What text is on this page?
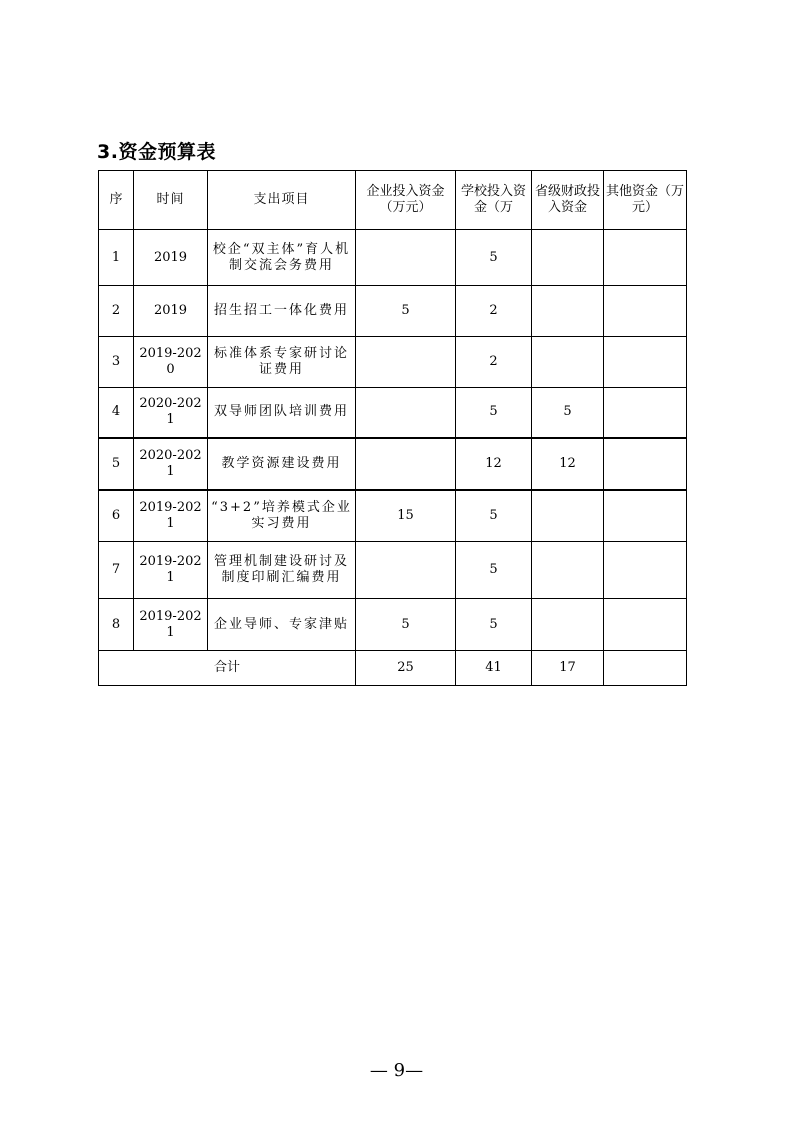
3.资金预算表
序	时间	支出项目	企业投入资金（万元）	学校投入资金（万	省级财政投入资金	其他资金（万元）
1	2019	校企“双主体”育人机制交流会务费用		5		
2	2019	招生招工一体化费用	5	2		
3	2019-2020	标准体系专家研讨论证费用		2		
4	2020-2021	双导师团队培训费用		5	5	
5	2020-2021	教学资源建设费用		12	12	
6	2019-2021	“3+2”培养模式企业实习费用	15	5		
7	2019-2021	管理机制建设研讨及制度印刷汇编费用		5		
8	2019-2021	企业导师、专家津贴	5	5		
合计			25	41	17	
— 9—
